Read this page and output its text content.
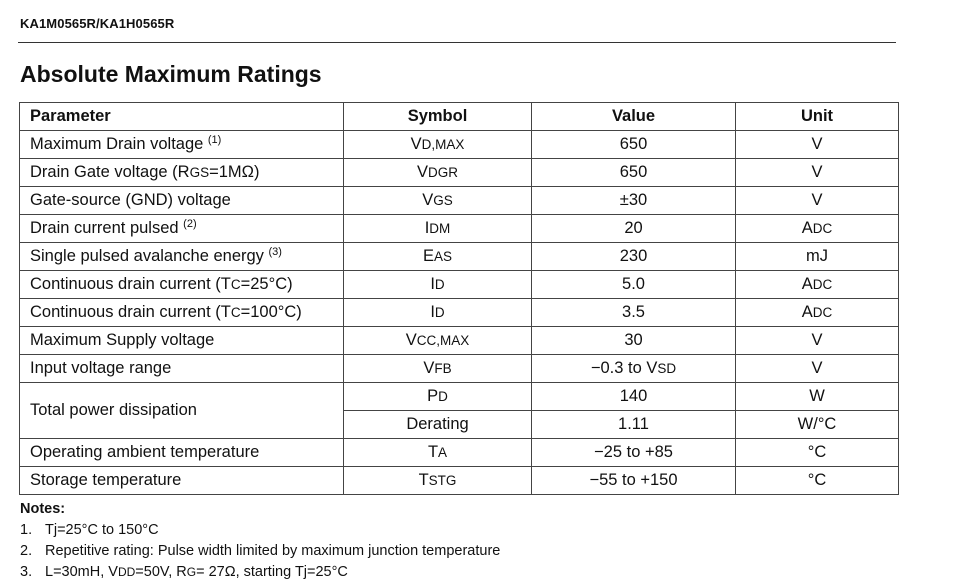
KA1M0565R/KA1H0565R
Absolute Maximum Ratings
Parameter	Symbol	Value	Unit
Maximum Drain voltage $^{(1)}$	VD,MAX	650	V
Drain Gate voltage (RGS=1MΩ)	VDGR	650	V
Gate-source (GND) voltage	VGS	±30	V
Drain current pulsed $^{(2)}$	IDM	20	ADC
Single pulsed avalanche energy $^{(3)}$	EAS	230	mJ
Continuous drain current (TC=25°C)	ID	5.0	ADC
Continuous drain current (TC=100°C)	ID	3.5	ADC
Maximum Supply voltage	VCC,MAX	30	V
Input voltage range	VFB	−0.3 to VSD	V
Total power dissipation	PD	140	W
	Derating	1.11	W/°C
Operating ambient temperature	TA	−25 to +85	°C
Storage temperature	TSTG	−55 to +150	°C
Notes:
1. Tj=25°C to 150°C
2. Repetitive rating: Pulse width limited by maximum junction temperature
3. L=30mH, VDD=50V, RG= 27Ω, starting Tj=25°C
